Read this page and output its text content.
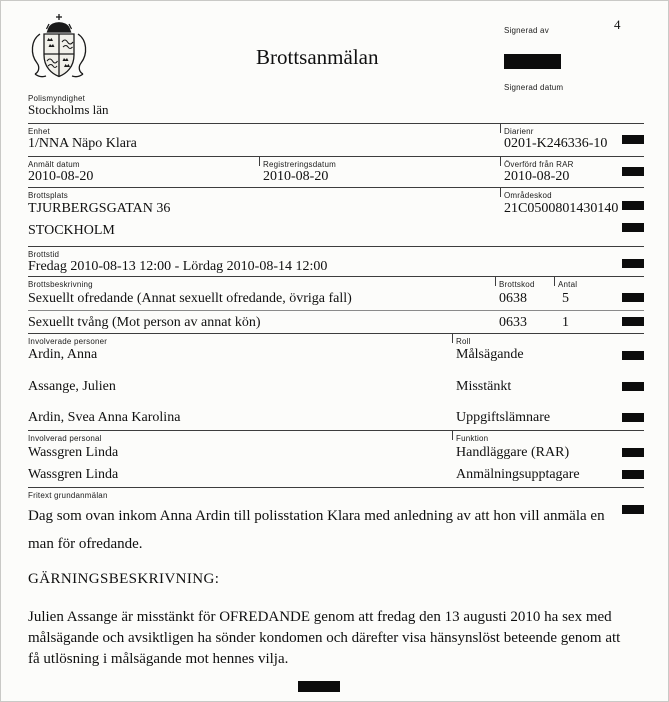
Polismyndighet
Stockholms län
Brottsanmälan
4
Signerad av
Signerad datum
Enhet
1/NNA Näpo Klara
Diarienr
0201-K246336-10
Anmält datum	Registreringsdatum	Överförd från RAR
2010-08-20	2010-08-20	2010-08-20
Brottsplats	Områdeskod
TJURBERGSGATAN 36	21C0500801430140
STOCKHOLM
Brottstid
Fredag 2010-08-13 12:00 - Lördag 2010-08-14 12:00
Brottsbeskrivning	Brottskod	Antal
Sexuellt ofredande (Annat sexuellt ofredande, övriga fall)	0638	5
Sexuellt tvång (Mot person av annat kön)	0633	1
Involverade personer	Roll
Ardin, Anna	Målsägande
Assange, Julien	Misstänkt
Ardin, Svea Anna Karolina	Uppgiftslämnare
Involverad personal	Funktion
Wassgren Linda	Handläggare (RAR)
Wassgren Linda	Anmälningsupptagare
Fritext grundanmälan
Dag som ovan inkom Anna Ardin till polisstation Klara med anledning av att hon vill anmäla en man för ofredande.
GÄRNINGSBESKRIVNING:
Julien Assange är misstänkt för OFREDANDE genom att fredag den 13 augusti 2010 ha sex med målsägande och avsiktligen ha sönder kondomen och därefter visa hänsynslöst beteende genom att få utlösning i målsägande mot hennes vilja.
